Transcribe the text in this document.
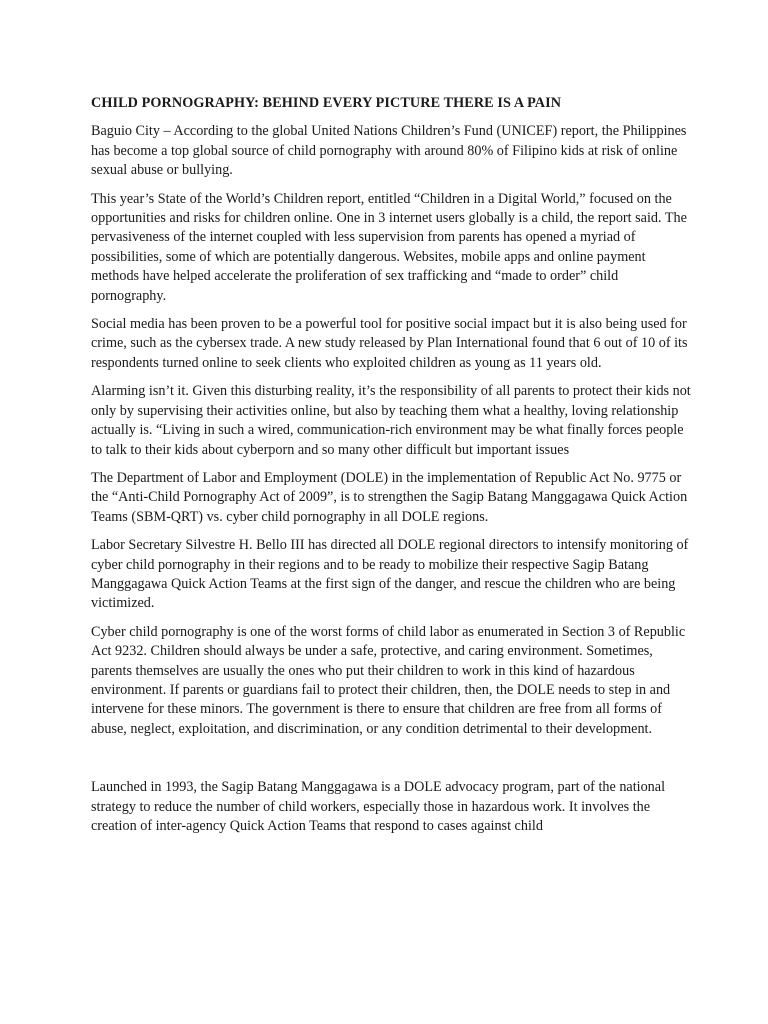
CHILD PORNOGRAPHY: BEHIND EVERY PICTURE THERE IS A PAIN

Baguio City – According to the global United Nations Children’s Fund (UNICEF) report, the Philippines has become a top global source of child pornography with around 80% of Filipino kids at risk of online sexual abuse or bullying.

This year’s State of the World’s Children report, entitled “Children in a Digital World,” focused on the opportunities and risks for children online. One in 3 internet users globally is a child, the report said. The pervasiveness of the internet coupled with less supervision from parents has opened a myriad of possibilities, some of which are potentially dangerous. Websites, mobile apps and online payment methods have helped accelerate the proliferation of sex trafficking and “made to order” child pornography.

Social media has been proven to be a powerful tool for positive social impact but it is also being used for crime, such as the cybersex trade. A new study released by Plan International found that 6 out of 10 of its respondents turned online to seek clients who exploited children as young as 11 years old.

Alarming isn’t it. Given this disturbing reality, it’s the responsibility of all parents to protect their kids not only by supervising their activities online, but also by teaching them what a healthy, loving relationship actually is. “Living in such a wired, communication-rich environment may be what finally forces people to talk to their kids about cyberporn and so many other difficult but important issues

The Department of Labor and Employment (DOLE) in the implementation of Republic Act No. 9775 or the “Anti-Child Pornography Act of 2009”, is to strengthen the Sagip Batang Manggagawa Quick Action Teams (SBM-QRT) vs. cyber child pornography in all DOLE regions.

Labor Secretary Silvestre H. Bello III has directed all DOLE regional directors to intensify monitoring of cyber child pornography in their regions and to be ready to mobilize their respective Sagip Batang Manggagawa Quick Action Teams at the first sign of the danger, and rescue the children who are being victimized.

Cyber child pornography is one of the worst forms of child labor as enumerated in Section 3 of Republic Act 9232. Children should always be under a safe, protective, and caring environment. Sometimes, parents themselves are usually the ones who put their children to work in this kind of hazardous environment. If parents or guardians fail to protect their children, then, the DOLE needs to step in and intervene for these minors. The government is there to ensure that children are free from all forms of abuse, neglect, exploitation, and discrimination, or any condition detrimental to their development.

Launched in 1993, the Sagip Batang Manggagawa is a DOLE advocacy program, part of the national strategy to reduce the number of child workers, especially those in hazardous work. It involves the creation of inter-agency Quick Action Teams that respond to cases against child
